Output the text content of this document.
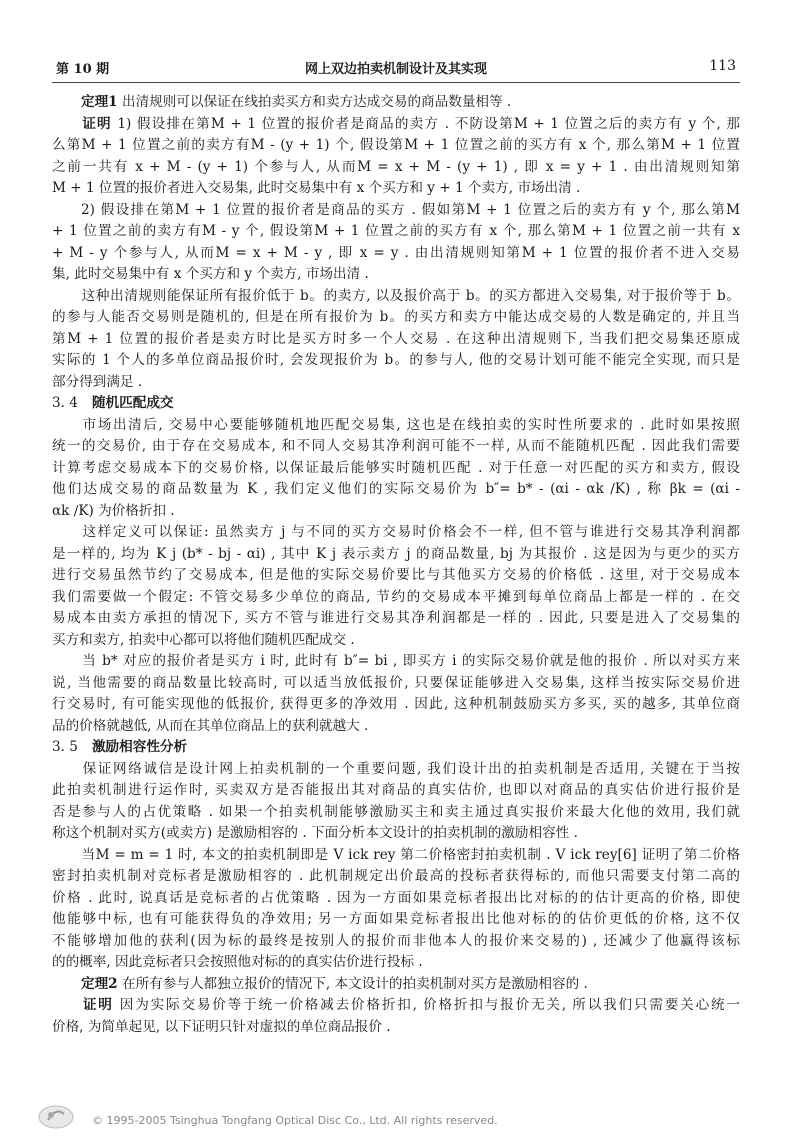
第 10 期	网上双边拍卖机制设计及其实现	113

定理1 出清规则可以保证在线拍卖买方和卖方达成交易的商品数量相等 .

证明 1) 假设排在第M + 1 位置的报价者是商品的卖方 . 不防设第M + 1 位置之后的卖方有 y 个, 那

么第M + 1 位置之前的卖方有M - (y + 1) 个, 假设第M + 1 位置之前的买方有 x 个, 那么第M + 1 位置

之前一共有 x + M - (y + 1) 个参与人, 从而M = x + M - (y + 1) , 即 x = y + 1 . 由出清规则知第

M + 1 位置的报价者进入交易集, 此时交易集中有 x 个买方和 y + 1 个卖方, 市场出清 .

2) 假设排在第M + 1 位置的报价者是商品的买方 . 假如第M + 1 位置之后的卖方有 y 个, 那么第M

+ 1 位置之前的卖方有M - y 个, 假设第M + 1 位置之前的买方有 x 个, 那么第M + 1 位置之前一共有 x

+ M - y 个参与人, 从而M = x + M - y , 即 x = y . 由出清规则知第M + 1 位置的报价者不进入交易

集, 此时交易集中有 x 个买方和 y 个卖方, 市场出清 .

这种出清规则能保证所有报价低于 b。的卖方, 以及报价高于 b。的买方都进入交易集, 对于报价等于 b。

的参与人能否交易则是随机的, 但是在所有报价为 b。的买方和卖方中能达成交易的人数是确定的, 并且当

第M + 1 位置的报价者是卖方时比是买方时多一个人交易 . 在这种出清规则下, 当我们把交易集还原成

实际的 1 个人的多单位商品报价时, 会发现报价为 b。的参与人, 他的交易计划可能不能完全实现, 而只是

部分得到满足 .

3. 4 随机匹配成交

市场出清后, 交易中心要能够随机地匹配交易集, 这也是在线拍卖的实时性所要求的 . 此时如果按照

统一的交易价, 由于存在交易成本, 和不同人交易其净利润可能不一样, 从而不能随机匹配 . 因此我们需要

计算考虑交易成本下的交易价格, 以保证最后能够实时随机匹配 . 对于任意一对匹配的买方和卖方, 假设

他们达成交易的商品数量为 K , 我们定义他们的实际交易价为 b″= b* - (αi - αk ∕K) , 称 βk = (αi -

αk ∕K) 为价格折扣 .

这样定义可以保证: 虽然卖方 j 与不同的买方交易时价格会不一样, 但不管与谁进行交易其净利润都

是一样的, 均为 K j (b* - bj - αi) , 其中 K j 表示卖方 j 的商品数量, bj 为其报价 . 这是因为与更少的买方

进行交易虽然节约了交易成本, 但是他的实际交易价要比与其他买方交易的价格低 . 这里, 对于交易成本

我们需要做一个假定: 不管交易多少单位的商品, 节约的交易成本平摊到每单位商品上都是一样的 . 在交

易成本由卖方承担的情况下, 买方不管与谁进行交易其净利润都是一样的 . 因此, 只要是进入了交易集的

买方和卖方, 拍卖中心都可以将他们随机匹配成交 .

当 b* 对应的报价者是买方 i 时, 此时有 b″= bi , 即买方 i 的实际交易价就是他的报价 . 所以对买方来

说, 当他需要的商品数量比较高时, 可以适当放低报价, 只要保证能够进入交易集, 这样当按实际交易价进

行交易时, 有可能实现他的低报价, 获得更多的净效用 . 因此, 这种机制鼓励买方多买, 买的越多, 其单位商

品的价格就越低, 从而在其单位商品上的获利就越大 .

3. 5 激励相容性分析

保证网络诚信是设计网上拍卖机制的一个重要问题, 我们设计出的拍卖机制是否适用, 关键在于当按

此拍卖机制进行运作时, 买卖双方是否能报出其对商品的真实估价, 也即以对商品的真实估价进行报价是

否是参与人的占优策略 . 如果一个拍卖机制能够激励买主和卖主通过真实报价来最大化他的效用, 我们就

称这个机制对买方(或卖方) 是激励相容的 . 下面分析本文设计的拍卖机制的激励相容性 .

当M = m = 1 时, 本文的拍卖机制即是 V ick rey 第二价格密封拍卖机制 . V ick rey[6] 证明了第二价格

密封拍卖机制对竞标者是激励相容的 . 此机制规定出价最高的投标者获得标的, 而他只需要支付第二高的

价格 . 此时, 说真话是竞标者的占优策略 . 因为一方面如果竞标者报出比对标的的估计更高的价格, 即使

他能够中标, 也有可能获得负的净效用; 另一方面如果竞标者报出比他对标的的估价更低的价格, 这不仅

不能够增加他的获利(因为标的最终是按别人的报价而非他本人的报价来交易的) , 还减少了他赢得该标

的的概率, 因此竞标者只会按照他对标的的真实估价进行投标 .

定理2 在所有参与人都独立报价的情况下, 本文设计的拍卖机制对买方是激励相容的 .

证明 因为实际交易价等于统一价格减去价格折扣, 价格折扣与报价无关, 所以我们只需要关心统一

价格, 为简单起见, 以下证明只针对虚拟的单位商品报价 .

© 1995-2005 Tsinghua Tongfang Optical Disc Co., Ltd. All rights reserved.
